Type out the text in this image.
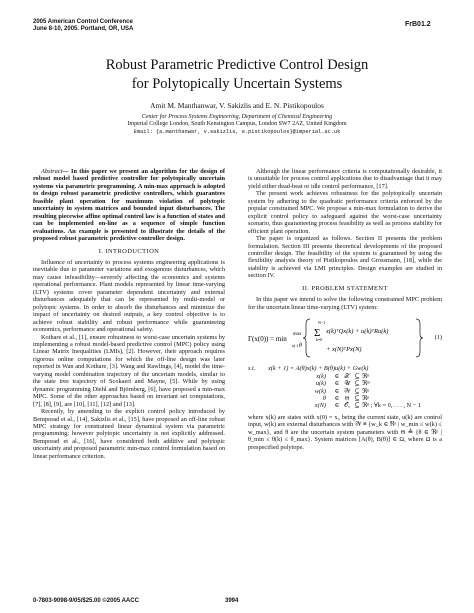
2005 American Control Conference
June 8-10, 2005. Portland, OR, USA
FrB01.2
Robust Parametric Predictive Control Design
for Polytopically Uncertain Systems
Amit M. Manthanwar, V. Sakizlis and E. N. Pistikopoulos
Center for Process Systems Engineering, Department of Chemical Engineering
Imperial College London, South Kensington Campus, London SW7 2AZ, United Kingdom
Email: {a.manthanwar, v.sakizlis, e.pistikopoulos}@imperial.ac.uk

Abstract— In this paper we present an algorithm for the design of robust model based predictive controller for polytopically uncertain systems via parametric programming. A min-max approach is adopted to design robust parametric predictive controllers, which guarantees feasible plant operation for maximum violation of polytopic uncertainty in system matrices and bounded input disturbances. The resulting piecewise affine optimal control law is a function of states and can be implemented on-line as a sequence of simple function evaluations. An example is presented to illustrate the details of the proposed robust parametric predictive controller design.

I. INTRODUCTION

Influence of uncertainty to process systems engineering applications is inevitable due to parameter variations and exogenous disturbances, which may cause infeasibility—severely affecting the economics and systems operational performance. Plant models represented by linear time-varying (LTV) systems cover parameter dependent uncertainty and external disturbances adequately that can be represented by multi-model or polytopic systems. In order to absorb the disturbances and minimize the impact of uncertainty on desired outputs, a key control objective is to achieve robust stability and robust performance while guaranteeing economics, performance and operational safety.

Kothare et al., [1], ensure robustness to worst-case uncertain systems by implementing a robust model-based predictive control (MPC) policy using Linear Matrix Inequalities (LMIs), [2]. However, their approach requires rigorous online computations for which the off-line design was later reported in Wan and Kothare, [3]. Wang and Rawlings, [4], model the time-varying model combination trajectory of the uncertain models, similar to the state tree trajectory of Scokaert and Mayne, [5]. While by using dynamic programming Diehl and Björnberg, [6], have proposed a min-max MPC. Some of the other approaches based on invariant set computations, [7], [8], [9], are [10], [11], [12] and [13].

Recently, by amending to the explicit control policy introduced by Bemporad et al., [14], Sakizlis et al., [15], have proposed an off-line robust MPC strategy for constrained linear dynamical system via parametric programming; however polytopic uncertainty is not explicitly addressed. Bemporad et al., [16], have considered both additive and polytopic uncertainty and proposed parametric min-max control formulation based on linear performance criterion.

Although the linear performance criteria is computationally desirable, it is unsuitable for process control applications due to disadvantage that it may yield either dead-beat or idle control performance, [17].

The present work achieves robustness for the polytopically uncertain system by adhering to the quadratic performance criteria enforced by the popular constrained MPC. We propose a min-max formulation to derive the explicit control policy to safeguard against the worst-case uncertainty scenario, thus guaranteeing process feasibility as well as process stability for efficient plant operation.

The paper is organized as follows. Section II presents the problem formulation. Section III presents theoretical developments of the proposed controller design. The feasibility of the system is guaranteed by using the flexibility analysis theory of Pistikopoulos and Grossmann, [18], while the stability is achieved via LMI principles. Design examples are studied in section IV.

II. PROBLEM STATEMENT

In this paper we intend to solve the following constrained MPC problem for the uncertain linear time-varying (LTV) system:

Γ(x(0)) = min
u(·) θ

max
N−1
Σ
k=0
x(k)ᵀQx(k) + u(k)ᵀRu(k)
+ x(N)ᵀPx(N)
(1)
s.t.	x(k + 1) = A(θ)x(k) + B(θ)u(k) + Gw(k)
x(k)	∈ 𝒳 ⊆ ℜⁿ
u(k)	∈ 𝒰 ⊆ ℜᵐ
w(k)	∈ 𝒲 ⊆ ℜⁿ
θ	∈ Θ ⊆ ℜᵖ
x(N)	∈ 𝒪ₓ ⊆ ℜⁿ ; ∀k = 0, . . . , N − 1

where x(k) are states with x(0) = x₀ being the current state, u(k) are control input, w(k) are external disturbances with 𝒲 ≜ {w_k ∈ ℜⁿ | w_min ≤ w(k) ≤ w_max}, and θ are the uncertain system parameters with Θ ≜ {θ ∈ ℜᵖ | θ_min ≤ θ(k) ≤ θ_max}. System matrices [A(θ), B(θ)] ∈ Ω, where Ω is a prespecified polytope.

0-7803-9098-9/05/$25.00 ©2005 AACC	3994
